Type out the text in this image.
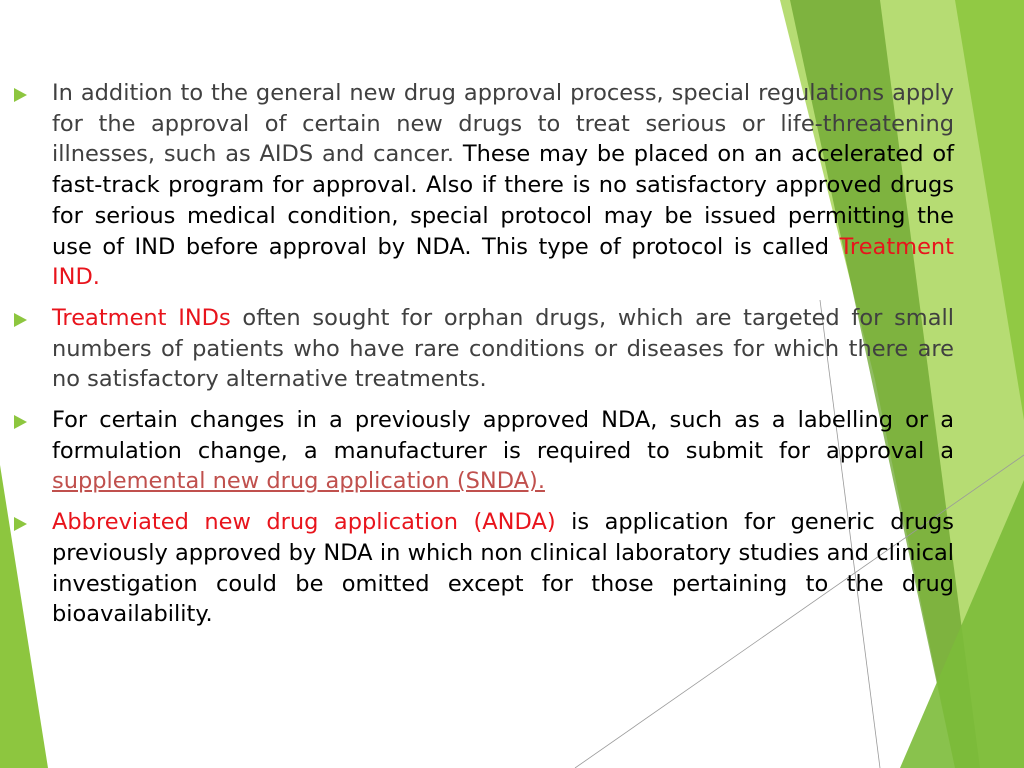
In addition to the general new drug approval process, special regulations apply for the approval of certain new drugs to treat serious or life-threatening illnesses, such as AIDS and cancer. These may be placed on an accelerated of fast-track program for approval. Also if there is no satisfactory approved drugs for serious medical condition, special protocol may be issued permitting the use of IND before approval by NDA. This type of protocol is called Treatment IND.
Treatment INDs often sought for orphan drugs, which are targeted for small numbers of patients who have rare conditions or diseases for which there are no satisfactory alternative treatments.
For certain changes in a previously approved NDA, such as a labelling or a formulation change, a manufacturer is required to submit for approval a supplemental new drug application (SNDA).
Abbreviated new drug application (ANDA) is application for generic drugs previously approved by NDA in which non clinical laboratory studies and clinical investigation could be omitted except for those pertaining to the drug bioavailability.
